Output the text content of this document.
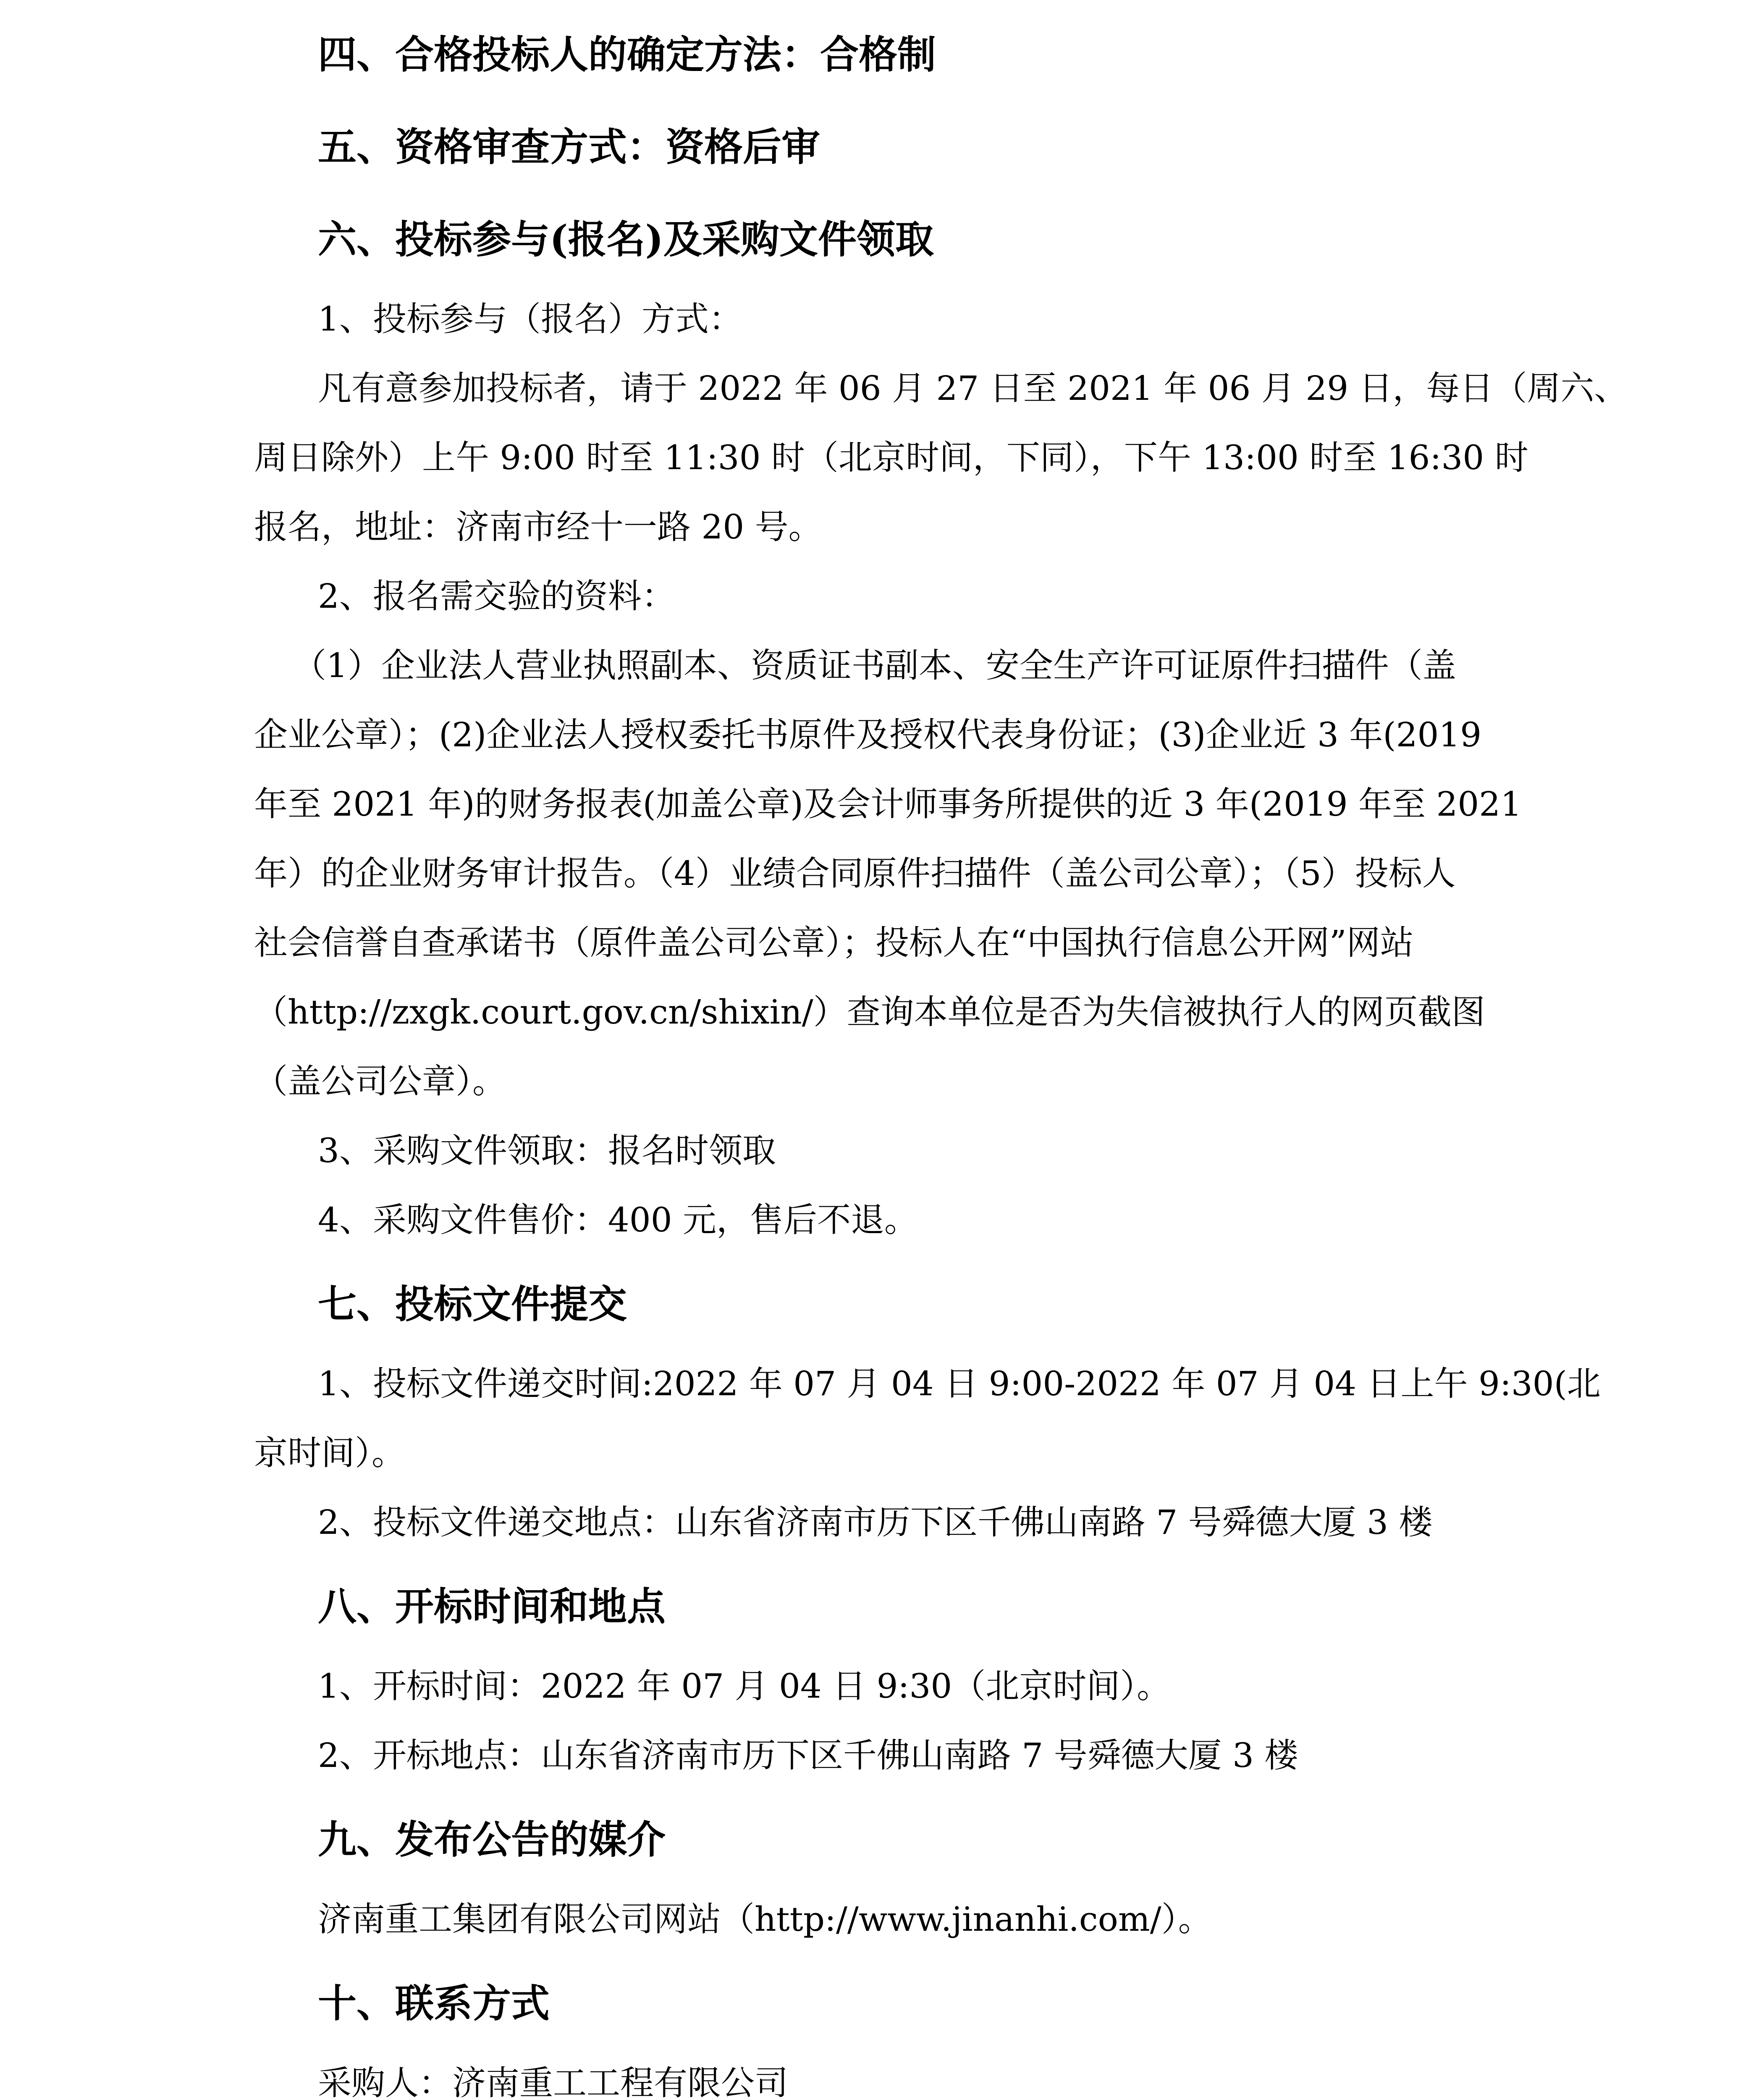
四、合格投标人的确定方法：合格制
五、资格审查方式：资格后审
六、投标参与(报名)及采购文件领取
1、投标参与（报名）方式：
凡有意参加投标者，请于 2022 年 06 月 27 日至 2021 年 06 月 29 日，每日（周六、
周日除外）上午 9:00 时至 11:30 时（北京时间，下同），下午 13:00 时至 16:30 时
报名，地址：济南市经十一路 20 号。
2、报名需交验的资料：
（1）企业法人营业执照副本、资质证书副本、安全生产许可证原件扫描件（盖
企业公章）；(2)企业法人授权委托书原件及授权代表身份证；(3)企业近 3 年(2019
年至 2021 年)的财务报表(加盖公章)及会计师事务所提供的近 3 年(2019 年至 2021
年）的企业财务审计报告。（4）业绩合同原件扫描件（盖公司公章）；（5）投标人
社会信誉自查承诺书（原件盖公司公章）；投标人在“中国执行信息公开网”网站
（http://zxgk.court.gov.cn/shixin/）查询本单位是否为失信被执行人的网页截图
（盖公司公章）。
3、采购文件领取：报名时领取
4、采购文件售价：400 元，售后不退。
七、投标文件提交
1、投标文件递交时间:2022 年 07 月 04 日 9:00-2022 年 07 月 04 日上午 9:30(北
京时间）。
2、投标文件递交地点：山东省济南市历下区千佛山南路 7 号舜德大厦 3 楼
八、开标时间和地点
1、开标时间：2022 年 07 月 04 日 9:30（北京时间）。
2、开标地点：山东省济南市历下区千佛山南路 7 号舜德大厦 3 楼
九、发布公告的媒介
济南重工集团有限公司网站（http://www.jinanhi.com/）。
十、联系方式
采购人：济南重工工程有限公司
